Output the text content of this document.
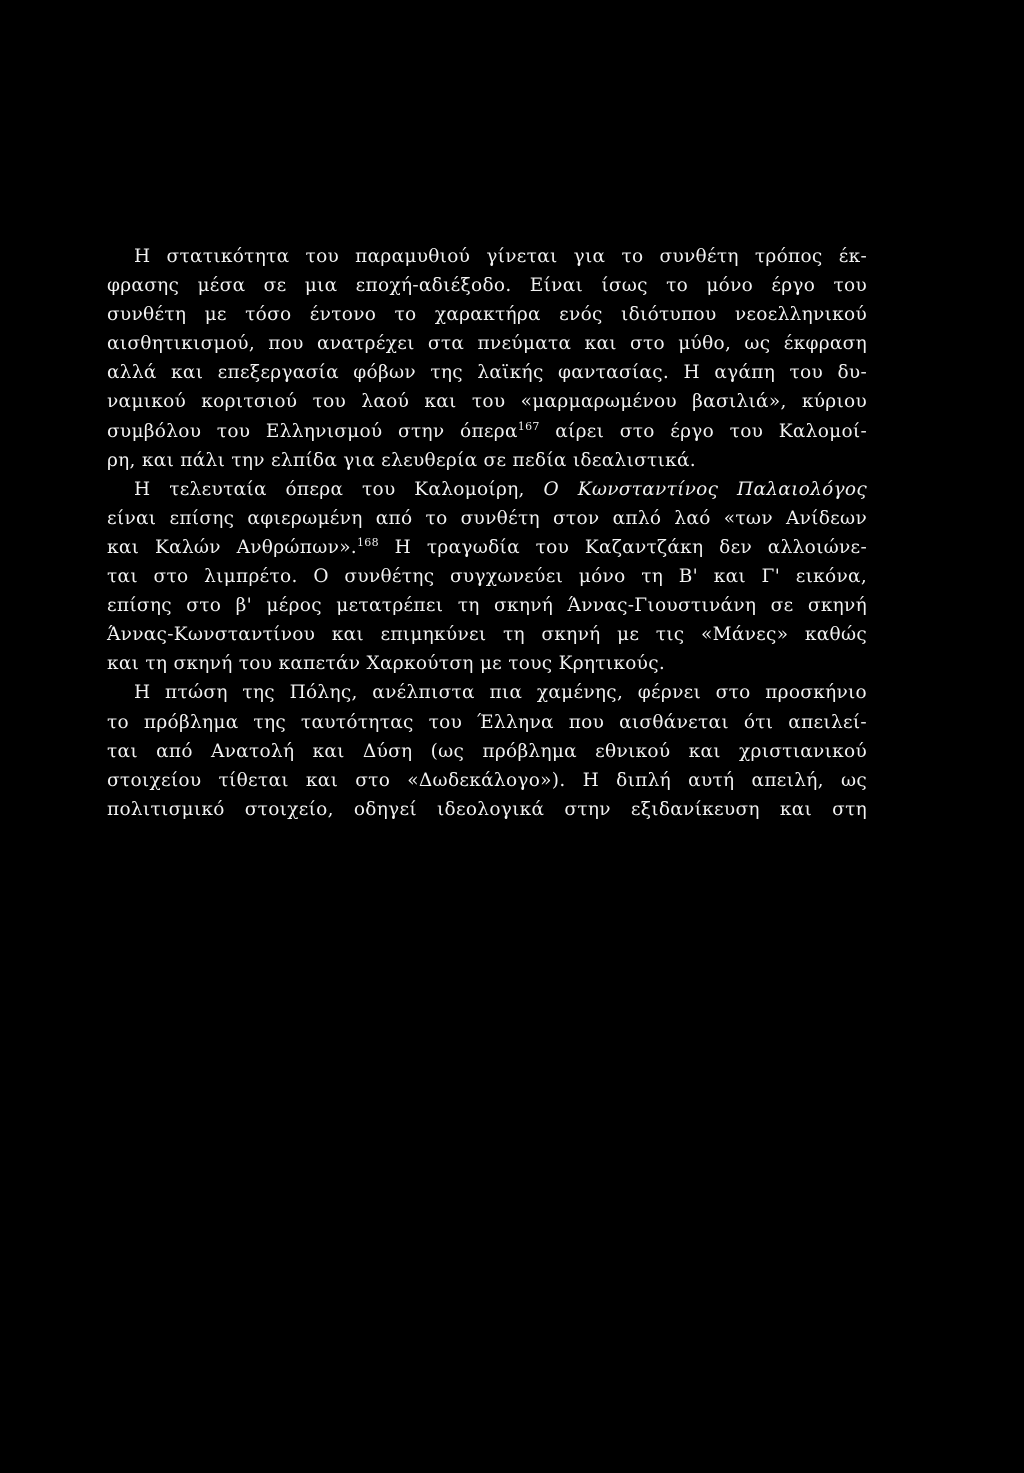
Η στατικότητα του παραμυθιού γίνεται για το συνθέτη τρόπος έκ-
φρασης μέσα σε μια εποχή-αδιέξοδο. Είναι ίσως το μόνο έργο του
συνθέτη με τόσο έντονο το χαρακτήρα ενός ιδιότυπου νεοελληνικού
αισθητικισμού, που ανατρέχει στα πνεύματα και στο μύθο, ως έκφραση
αλλά και επεξεργασία φόβων της λαϊκής φαντασίας. Η αγάπη του δυ-
ναμικού κοριτσιού του λαού και του «μαρμαρωμένου βασιλιά», κύριου
συμβόλου του Ελληνισμού στην όπερα$^{167}$ αίρει στο έργο του Καλομοί-
ρη, και πάλι την ελπίδα για ελευθερία σε πεδία ιδεαλιστικά.
Η τελευταία όπερα του Καλομοίρη, Ο Κωνσταντίνος Παλαιολόγος
είναι επίσης αφιερωμένη από το συνθέτη στον απλό λαό «των Ανίδεων
και Καλών Ανθρώπων».$^{168}$ Η τραγωδία του Καζαντζάκη δεν αλλοιώνε-
ται στο λιμπρέτο. Ο συνθέτης συγχωνεύει μόνο τη Β' και Γ' εικόνα,
επίσης στο β' μέρος μετατρέπει τη σκηνή Άννας-Γιουστινάνη σε σκηνή
Άννας-Κωνσταντίνου και επιμηκύνει τη σκηνή με τις «Μάνες» καθώς
και τη σκηνή του καπετάν Χαρκούτση με τους Κρητικούς.
Η πτώση της Πόλης, ανέλπιστα πια χαμένης, φέρνει στο προσκήνιο
το πρόβλημα της ταυτότητας του Έλληνα που αισθάνεται ότι απειλεί-
ται από Ανατολή και Δύση (ως πρόβλημα εθνικού και χριστιανικού
στοιχείου τίθεται και στο «Δωδεκάλογο»). Η διπλή αυτή απειλή, ως
πολιτισμικό στοιχείο, οδηγεί ιδεολογικά στην εξιδανίκευση και στη
